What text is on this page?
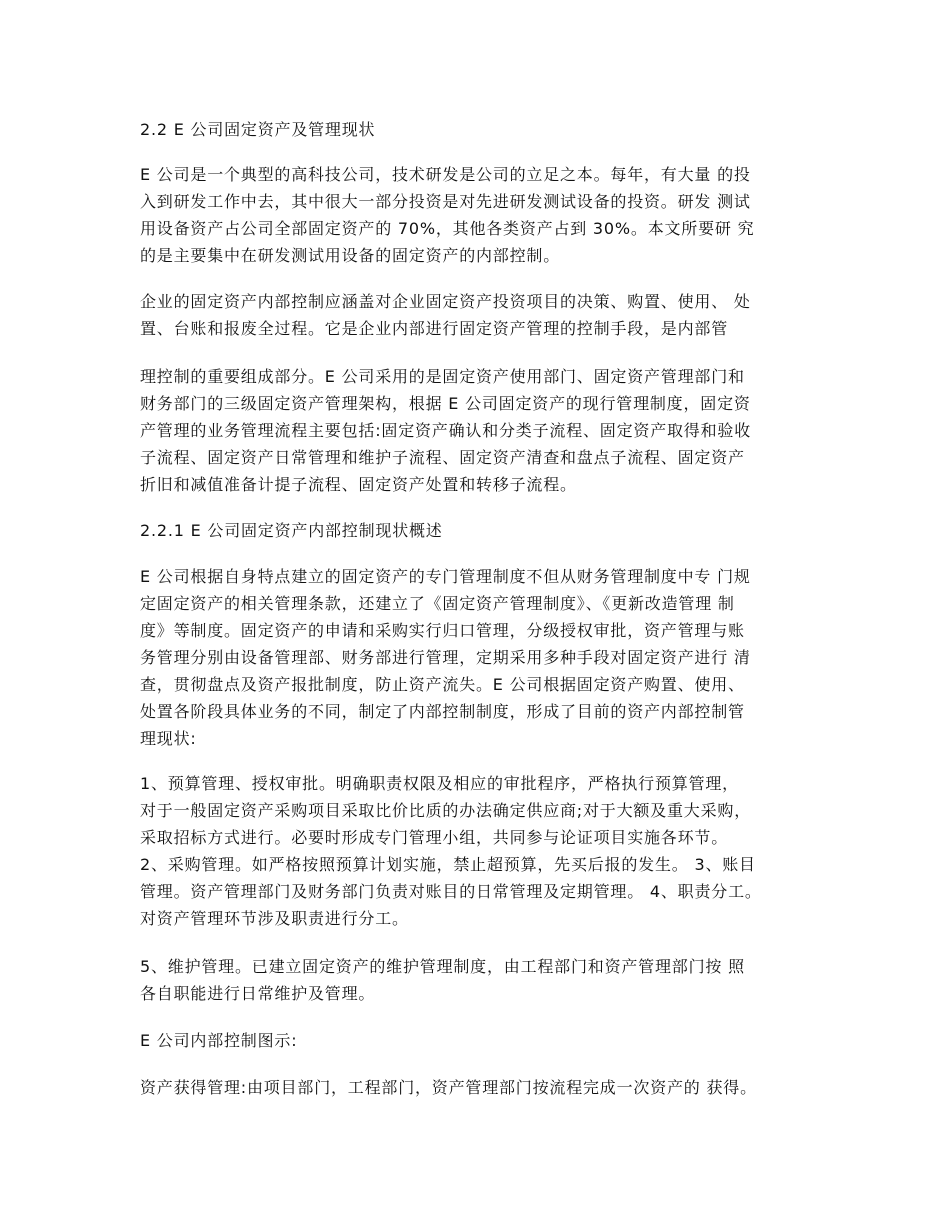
2.2 E 公司固定资产及管理现状
E 公司是一个典型的高科技公司，技术研发是公司的立足之本。每年，有大量 的投
入到研发工作中去，其中很大一部分投资是对先进研发测试设备的投资。研发 测试
用设备资产占公司全部固定资产的 70%，其他各类资产占到 30%。本文所要研 究
的是主要集中在研发测试用设备的固定资产的内部控制。
企业的固定资产内部控制应涵盖对企业固定资产投资项目的决策、购置、使用、 处
置、台账和报废全过程。它是企业内部进行固定资产管理的控制手段，是内部管
理控制的重要组成部分。E 公司采用的是固定资产使用部门、固定资产管理部门和
财务部门的三级固定资产管理架构，根据 E 公司固定资产的现行管理制度，固定资
产管理的业务管理流程主要包括:固定资产确认和分类子流程、固定资产取得和验收
子流程、固定资产日常管理和维护子流程、固定资产清查和盘点子流程、固定资产
折旧和减值准备计提子流程、固定资产处置和转移子流程。
2.2.1 E 公司固定资产内部控制现状概述
E 公司根据自身特点建立的固定资产的专门管理制度不但从财务管理制度中专 门规
定固定资产的相关管理条款，还建立了《固定资产管理制度》、《更新改造管理 制
度》等制度。固定资产的申请和采购实行归口管理，分级授权审批，资产管理与账
务管理分别由设备管理部、财务部进行管理，定期采用多种手段对固定资产进行 清
查，贯彻盘点及资产报批制度，防止资产流失。E 公司根据固定资产购置、使用、
处置各阶段具体业务的不同，制定了内部控制制度，形成了目前的资产内部控制管
理现状:
1、预算管理、授权审批。明确职责权限及相应的审批程序，严格执行预算管理，
对于一般固定资产采购项目采取比价比质的办法确定供应商;对于大额及重大采购，
采取招标方式进行。必要时形成专门管理小组，共同参与论证项目实施各环节。
2、采购管理。如严格按照预算计划实施，禁止超预算，先买后报的发生。 3、账目
管理。资产管理部门及财务部门负责对账目的日常管理及定期管理。 4、职责分工。
对资产管理环节涉及职责进行分工。
5、维护管理。已建立固定资产的维护管理制度，由工程部门和资产管理部门按 照
各自职能进行日常维护及管理。
E 公司内部控制图示:
资产获得管理:由项目部门，工程部门，资产管理部门按流程完成一次资产的 获得。
